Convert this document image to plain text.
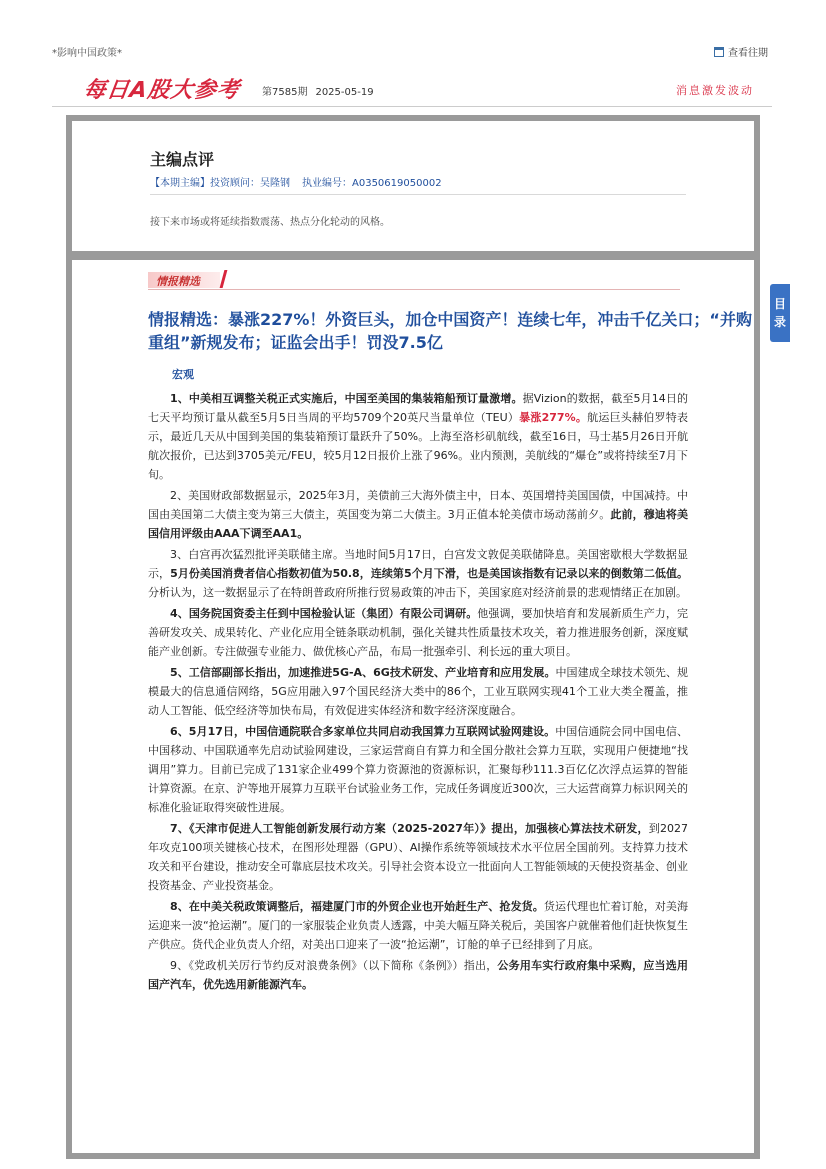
*影响中国政策*	查看往期
每日A股大参考 第7585期 2025-05-19	消息激发波动
主编点评
【本期主编】投资顾问：吴隆钢 执业编号：A0350619050002
接下来市场或将延续指数震荡、热点分化轮动的风格。
情报精选
情报精选：暴涨227%！外资巨头，加仓中国资产！连续七年，冲击千亿关口；“并购重组”新规发布；证监会出手！罚没7.5亿
宏观

1、中美相互调整关税正式实施后，中国至美国的集装箱船预订量激增。据Vizion的数据，截至5月14日的七天平均预订量从截至5月5日当周的平均5709个20英尺当量单位（TEU）暴涨277%。航运巨头赫伯罗特表示，最近几天从中国到美国的集装箱预订量跃升了50%。上海至洛杉矶航线，截至16日，马士基5月26日开航航次报价，已达到3705美元/FEU，较5月12日报价上涨了96%。业内预测，美航线的“爆仓”或将持续至7月下旬。

2、美国财政部数据显示，2025年3月，美债前三大海外债主中，日本、英国增持美国国债，中国减持。中国由美国第二大债主变为第三大债主，英国变为第二大债主。3月正值本轮美债市场动荡前夕。此前，穆迪将美国信用评级由AAA下调至AA1。

3、白宫再次猛烈批评美联储主席。当地时间5月17日，白宫发文敦促美联储降息。美国密歇根大学数据显示，5月份美国消费者信心指数初值为50.8，连续第5个月下滑，也是美国该指数有记录以来的倒数第二低值。分析认为，这一数据显示了在特朗普政府所推行贸易政策的冲击下，美国家庭对经济前景的悲观情绪正在加剧。

4、国务院国资委主任到中国检验认证（集团）有限公司调研。他强调，要加快培育和发展新质生产力，完善研发攻关、成果转化、产业化应用全链条联动机制，强化关键共性质量技术攻关，着力推进服务创新，深度赋能产业创新。专注做强专业能力、做优核心产品，布局一批强牵引、利长远的重大项目。

5、工信部副部长指出，加速推进5G-A、6G技术研发、产业培育和应用发展。中国建成全球技术领先、规模最大的信息通信网络，5G应用融入97个国民经济大类中的86个，工业互联网实现41个工业大类全覆盖，推动人工智能、低空经济等加快布局，有效促进实体经济和数字经济深度融合。

6、5月17日，中国信通院联合多家单位共同启动我国算力互联网试验网建设。中国信通院会同中国电信、中国移动、中国联通率先启动试验网建设，三家运营商自有算力和全国分散社会算力互联，实现用户便捷地“找调用”算力。目前已完成了131家企业499个算力资源池的资源标识，汇聚每秒111.3百亿亿次浮点运算的智能计算资源。在京、沪等地开展算力互联平台试验业务工作，完成任务调度近300次，三大运营商算力标识网关的标准化验证取得突破性进展。

7、《天津市促进人工智能创新发展行动方案（2025-2027年）》提出，加强核心算法技术研发，到2027年攻克100项关键核心技术，在图形处理器（GPU）、AI操作系统等领域技术水平位居全国前列。支持算力技术攻关和平台建设，推动安全可靠底层技术攻关。引导社会资本设立一批面向人工智能领域的天使投资基金、创业投资基金、产业投资基金。

8、在中美关税政策调整后，福建厦门市的外贸企业也开始赶生产、抢发货。货运代理也忙着订舱，对美海运迎来一波“抢运潮”。厦门的一家服装企业负责人透露，中美大幅互降关税后，美国客户就催着他们赶快恢复生产供应。货代企业负责人介绍，对美出口迎来了一波“抢运潮”，订舱的单子已经排到了月底。

9、《党政机关厉行节约反对浪费条例》（以下简称《条例》）指出，公务用车实行政府集中采购，应当选用国产汽车，优先选用新能源汽车。

目
录
